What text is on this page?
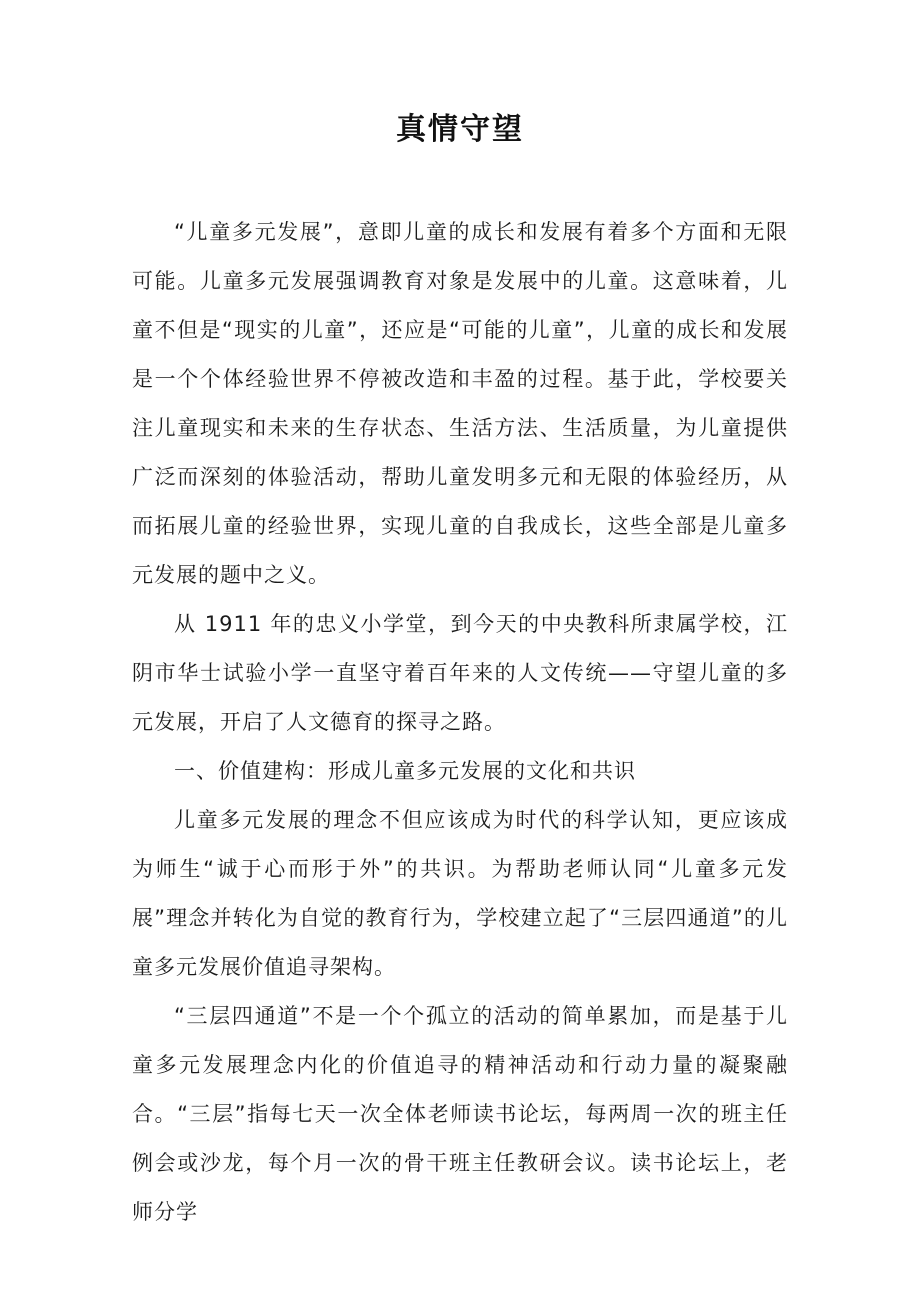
真情守望

“儿童多元发展”，意即儿童的成长和发展有着多个方面和无限可能。儿童多元发展强调教育对象是发展中的儿童。这意味着，儿童不但是“现实的儿童”，还应是“可能的儿童”，儿童的成长和发展是一个个体经验世界不停被改造和丰盈的过程。基于此，学校要关注儿童现实和未来的生存状态、生活方法、生活质量，为儿童提供广泛而深刻的体验活动，帮助儿童发明多元和无限的体验经历，从而拓展儿童的经验世界，实现儿童的自我成长，这些全部是儿童多元发展的题中之义。

从 1911 年的忠义小学堂，到今天的中央教科所隶属学校，江阴市华士试验小学一直坚守着百年来的人文传统——守望儿童的多元发展，开启了人文德育的探寻之路。

一、价值建构：形成儿童多元发展的文化和共识

儿童多元发展的理念不但应该成为时代的科学认知，更应该成为师生“诚于心而形于外”的共识。为帮助老师认同“儿童多元发展”理念并转化为自觉的教育行为，学校建立起了“三层四通道”的儿童多元发展价值追寻架构。

“三层四通道”不是一个个孤立的活动的简单累加，而是基于儿童多元发展理念内化的价值追寻的精神活动和行动力量的凝聚融合。“三层”指每七天一次全体老师读书论坛，每两周一次的班主任例会或沙龙，每个月一次的骨干班主任教研会议。读书论坛上，老师分学
